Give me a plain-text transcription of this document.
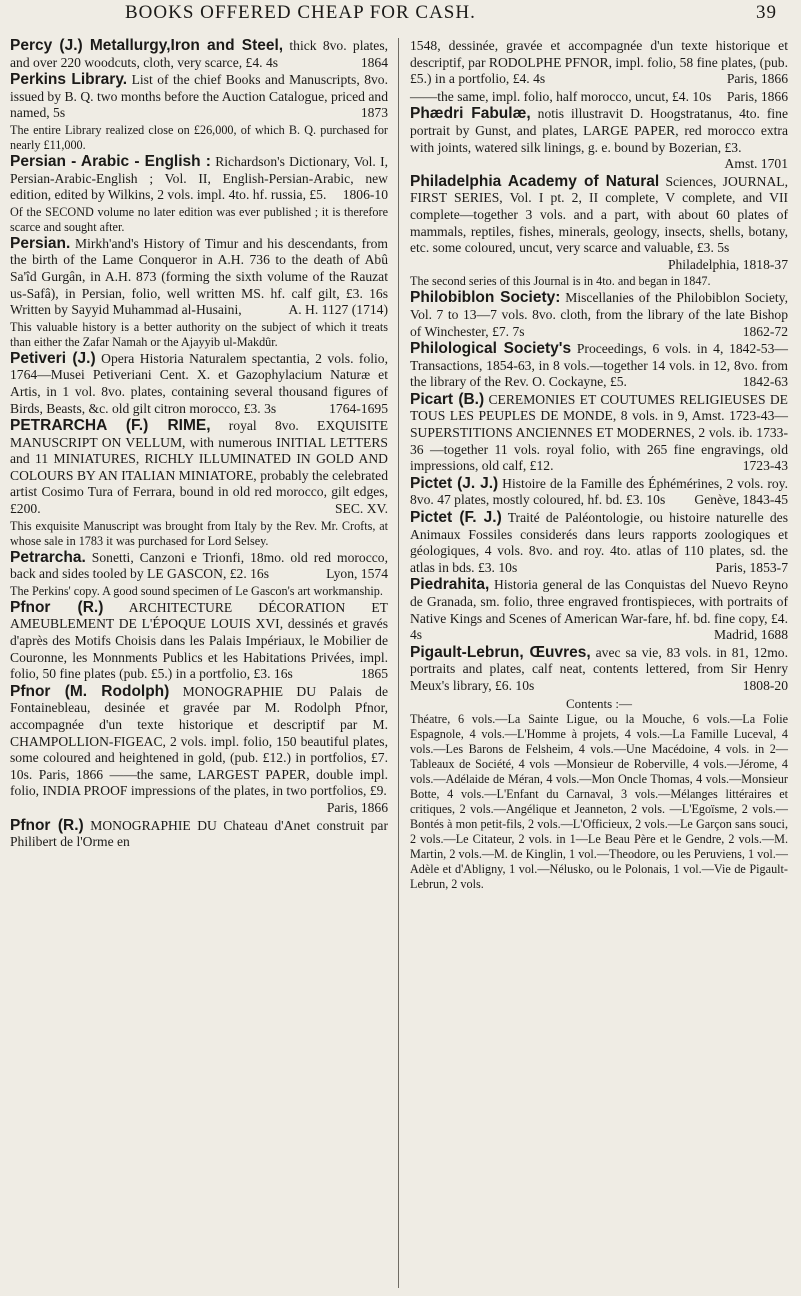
BOOKS OFFERED CHEAP FOR CASH.	39

Percy (J.) Metallurgy,Iron and Steel, thick 8vo. plates, and over 220 woodcuts, cloth, very scarce, £4. 4s	1864

Perkins Library. List of the chief Books and Manuscripts, 8vo. issued by B. Q. two months before the Auction Catalogue, priced and named, 5s	1873

The entire Library realized close on £26,000, of which B. Q. purchased for nearly £11,000.

Persian - Arabic - English : Richardson's Dictionary, Vol. I, Persian-Arabic-English ; Vol. II, English-Persian-Arabic, new edition, edited by Wilkins, 2 vols. impl. 4to. hf. russia, £5.	1806-10

Of the SECOND volume no later edition was ever published ; it is therefore scarce and sought after.

Persian. Mirkh'and's History of Timur and his descendants, from the birth of the Lame Conqueror in A.H. 736 to the death of Abû Sa'îd Gurgân, in A.H. 873 (forming the sixth volume of the Rauzat us-Safâ), in Persian, folio, well written MS. hf. calf gilt, £3. 16s Written by Sayyid Muhammad al-Husaini,	A. H. 1127 (1714)

This valuable history is a better authority on the subject of which it treats than either the Zafar Namah or the Ajayyib ul-Makdûr.

Petiveri (J.) Opera Historia Naturalem spectantia, 2 vols. folio, 1764—Musei Petiveriani Cent. X. et Gazophylacium Naturæ et Artis, in 1 vol. 8vo. plates, containing several thousand figures of Birds, Beasts, &c. old gilt citron morocco, £3. 3s	1764-1695

PETRARCHA (F.) RIME, royal 8vo. EXQUISITE MANUSCRIPT ON VELLUM, with numerous INITIAL LETTERS and 11 MINIATURES, RICHLY ILLUMINATED IN GOLD AND COLOURS BY AN ITALIAN MINIATORE, probably the celebrated artist Cosimo Tura of Ferrara, bound in old red morocco, gilt edges, £200.	SEC. XV.

This exquisite Manuscript was brought from Italy by the Rev. Mr. Crofts, at whose sale in 1783 it was purchased for Lord Selsey.

Petrarcha. Sonetti, Canzoni e Trionfi, 18mo. old red morocco, back and sides tooled by LE GASCON, £2. 16s	Lyon, 1574

The Perkins' copy. A good sound specimen of Le Gascon's art workmanship.

Pfnor (R.) ARCHITECTURE DÉCORATION ET AMEUBLEMENT DE L'ÉPOQUE LOUIS XVI, dessinés et gravés d'après des Motifs Choisis dans les Palais Impériaux, le Mobilier de Couronne, les Monnments Publics et les Habitations Privées, impl. folio, 50 fine plates (pub. £5.) in a portfolio, £3. 16s	1865

Pfnor (M. Rodolph) MONOGRAPHIE DU Palais de Fontainebleau, desinée et gravée par M. Rodolph Pfnor, accompagnée d'un texte historique et descriptif par M. CHAMPOLLION-FIGEAC, 2 vols. impl. folio, 150 beautiful plates, some coloured and heightened in gold, (pub. £12.) in portfolios, £7. 10s. Paris, 1866 ——the same, LARGEST PAPER, double impl. folio, INDIA PROOF impressions of the plates, in two portfolios, £9.
Paris, 1866

Pfnor (R.) MONOGRAPHIE DU Chateau d'Anet construit par Philibert de l'Orme en

1548, dessinée, gravée et accompagnée d'un texte historique et descriptif, par RODOLPHE PFNOR, impl. folio, 58 fine plates, (pub. £5.) in a portfolio, £4. 4s	Paris, 1866

——the same, impl. folio, half morocco, uncut, £4. 10s	Paris, 1866

Phædri Fabulæ, notis illustravit D. Hoogstratanus, 4to. fine portrait by Gunst, and plates, LARGE PAPER, red morocco extra with joints, watered silk linings, g. e. bound by Bozerian, £3.
Amst. 1701

Philadelphia Academy of Natural Sciences, JOURNAL, FIRST SERIES, Vol. I pt. 2, II complete, V complete, and VII complete—together 3 vols. and a part, with about 60 plates of mammals, reptiles, fishes, minerals, geology, insects, shells, botany, etc. some coloured, uncut, very scarce and valuable, £3. 5s
Philadelphia, 1818-37

The second series of this Journal is in 4to. and began in 1847.

Philobiblon Society: Miscellanies of the Philobiblon Society, Vol. 7 to 13—7 vols. 8vo. cloth, from the library of the late Bishop of Winchester, £7. 7s	1862-72

Philological Society's Proceedings, 6 vols. in 4, 1842-53—Transactions, 1854-63, in 8 vols.—together 14 vols. in 12, 8vo. from the library of the Rev. O. Cockayne, £5.	1842-63

Picart (B.) CEREMONIES ET COUTUMES RELIGIEUSES DE TOUS LES PEUPLES DE MONDE, 8 vols. in 9, Amst. 1723-43—SUPERSTITIONS ANCIENNES ET MODERNES, 2 vols. ib. 1733-36 —together 11 vols. royal folio, with 265 fine engravings, old impressions, old calf, £12.	1723-43

Pictet (J. J.) Histoire de la Famille des Éphémérines, 2 vols. roy. 8vo. 47 plates, mostly coloured, hf. bd. £3. 10s	Genève, 1843-45

Pictet (F. J.) Traité de Paléontologie, ou histoire naturelle des Animaux Fossiles considerés dans leurs rapports zoologiques et géologiques, 4 vols. 8vo. and roy. 4to. atlas of 110 plates, sd. the atlas in bds. £3. 10s	Paris, 1853-7

Piedrahita, Historia general de las Conquistas del Nuevo Reyno de Granada, sm. folio, three engraved frontispieces, with portraits of Native Kings and Scenes of American War-fare, hf. bd. fine copy, £4. 4s	Madrid, 1688

Pigault-Lebrun, Œuvres, avec sa vie, 83 vols. in 81, 12mo. portraits and plates, calf neat, contents lettered, from Sir Henry Meux's library, £6. 10s	1808-20

Contents :—

Théatre, 6 vols.—La Sainte Ligue, ou la Mouche, 6 vols.—La Folie Espagnole, 4 vols.—L'Homme à projets, 4 vols.—La Famille Luceval, 4 vols.—Les Barons de Felsheim, 4 vols.—Une Macédoine, 4 vols. in 2—Tableaux de Société, 4 vols —Monsieur de Roberville, 4 vols.—Jérome, 4 vols.—Adélaide de Méran, 4 vols.—Mon Oncle Thomas, 4 vols.—Monsieur Botte, 4 vols.—L'Enfant du Carnaval, 3 vols.—Mélanges littéraires et critiques, 2 vols.—Angélique et Jeanneton, 2 vols. —L'Egoïsme, 2 vols.—Bontés à mon petit-fils, 2 vols.—L'Officieux, 2 vols.—Le Garçon sans souci, 2 vols.—Le Citateur, 2 vols. in 1—Le Beau Père et le Gendre, 2 vols.—M. Martin, 2 vols.—M. de Kinglin, 1 vol.—Theodore, ou les Peruviens, 1 vol.—Adèle et d'Abligny, 1 vol.—Nélusko, ou le Polonais, 1 vol.—Vie de Pigault-Lebrun, 2 vols.
